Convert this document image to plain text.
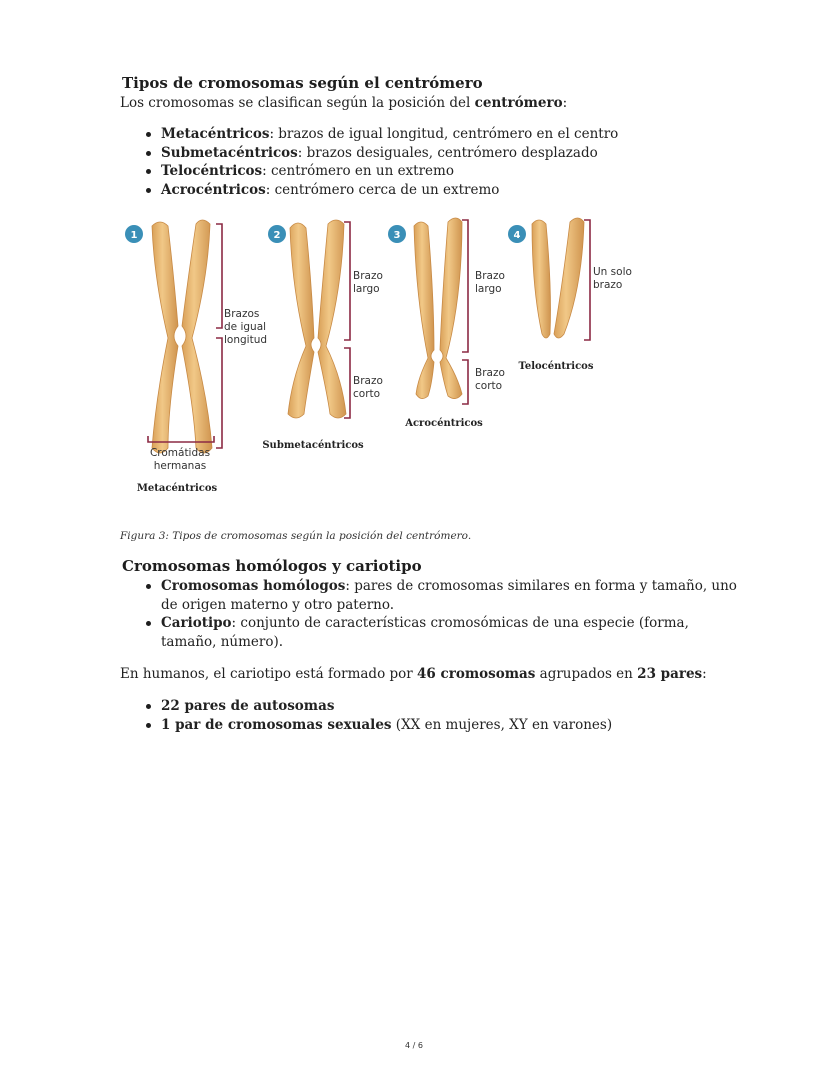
Tipos de cromosomas según el centrómero

Los cromosomas se clasifican según la posición del centrómero:

Metacéntricos: brazos de igual longitud, centrómero en el centro
Submetacéntricos: brazos desiguales, centrómero desplazado
Telocéntricos: centrómero en un extremo
Acrocéntricos: centrómero cerca de un extremo
1	2	3	4
Brazos
de igual
longitud
Cromátidas
hermanas
Metacéntricos
Brazo
largo
Brazo
corto
Submetacéntricos
Brazo
largo
Brazo
corto
Acrocéntricos
Un solo
brazo
Telocéntricos

Figura 3: Tipos de cromosomas según la posición del centrómero.

Cromosomas homólogos y cariotipo
Cromosomas homólogos: pares de cromosomas similares en forma y tamaño, uno
de origen materno y otro paterno.
Cariotipo: conjunto de características cromosómicas de una especie (forma,
tamaño, número).

En humanos, el cariotipo está formado por 46 cromosomas agrupados en 23 pares:

22 pares de autosomas
1 par de cromosomas sexuales (XX en mujeres, XY en varones)
4 / 6
